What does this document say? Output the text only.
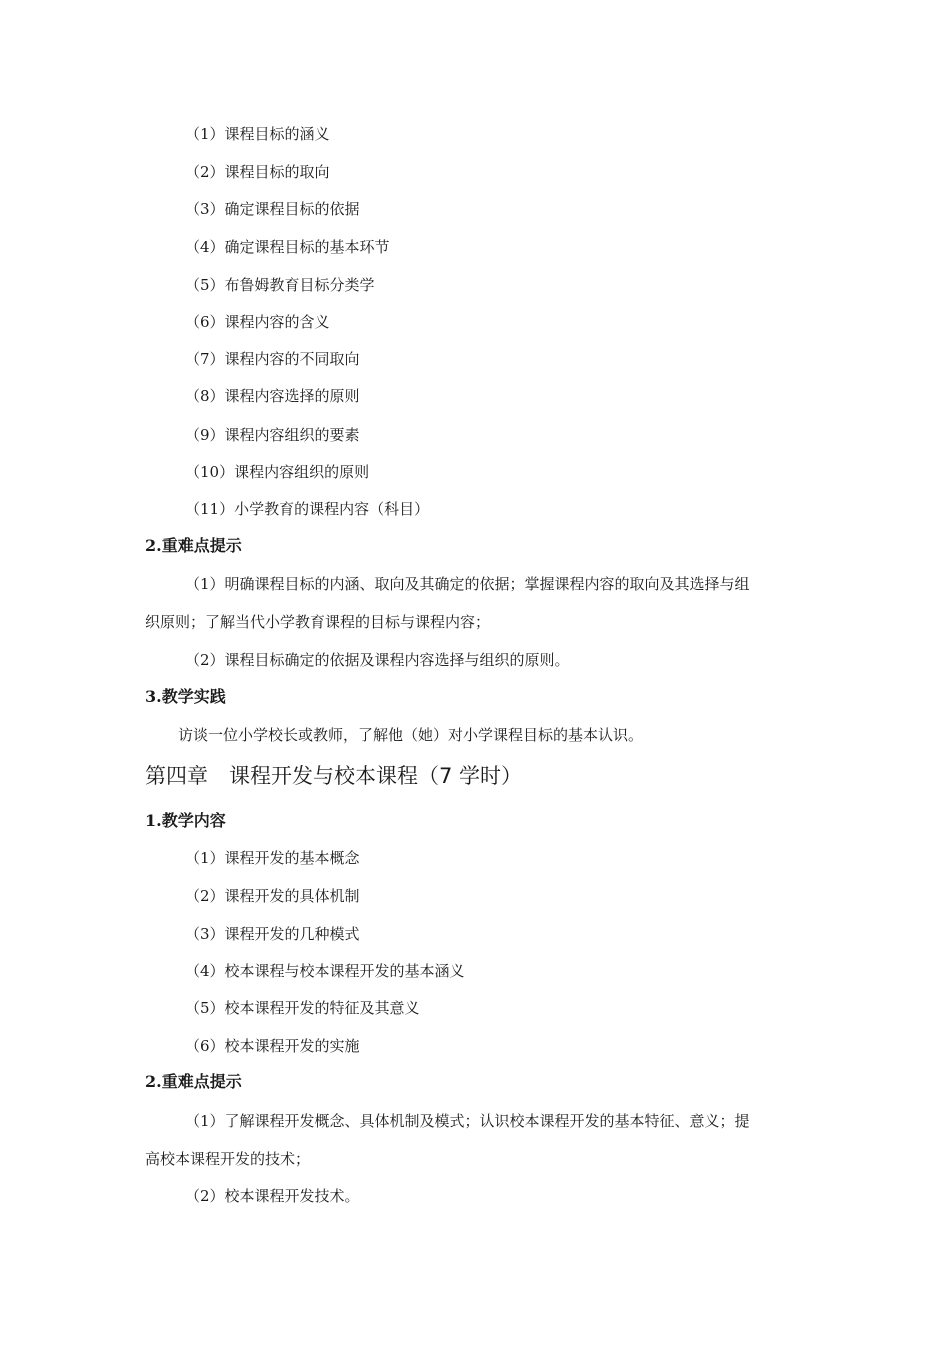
（1）课程目标的涵义
（2）课程目标的取向
（3）确定课程目标的依据
（4）确定课程目标的基本环节
（5）布鲁姆教育目标分类学
（6）课程内容的含义
（7）课程内容的不同取向
（8）课程内容选择的原则
（9）课程内容组织的要素
（10）课程内容组织的原则
（11）小学教育的课程内容（科目）
2.重难点提示
（1）明确课程目标的内涵、取向及其确定的依据；掌握课程内容的取向及其选择与组
织原则；了解当代小学教育课程的目标与课程内容；
（2）课程目标确定的依据及课程内容选择与组织的原则。
3.教学实践
访谈一位小学校长或教师，了解他（她）对小学课程目标的基本认识。
第四章　课程开发与校本课程（7 学时）
1.教学内容
（1）课程开发的基本概念
（2）课程开发的具体机制
（3）课程开发的几种模式
（4）校本课程与校本课程开发的基本涵义
（5）校本课程开发的特征及其意义
（6）校本课程开发的实施
2.重难点提示
（1）了解课程开发概念、具体机制及模式；认识校本课程开发的基本特征、意义；提
高校本课程开发的技术；
（2）校本课程开发技术。
